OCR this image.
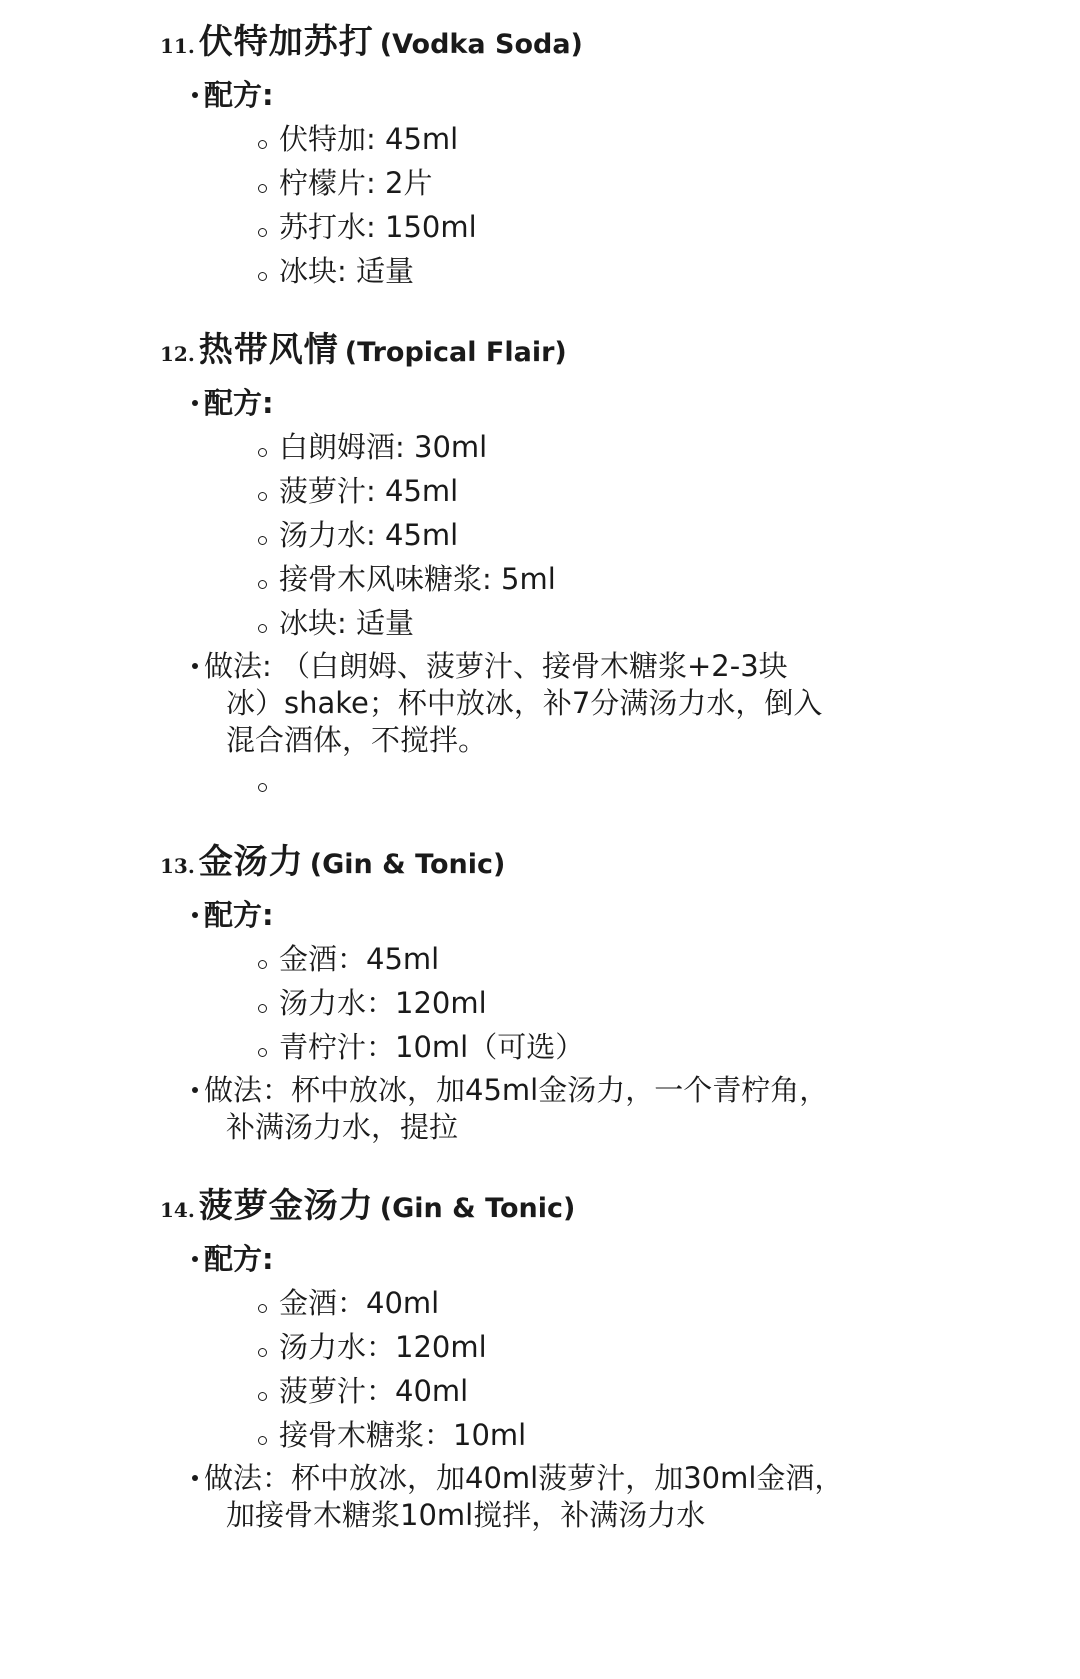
11. 伏特加苏打 (Vodka Soda)
配方:
伏特加: 45ml
柠檬片: 2片
苏打水: 150ml
冰块: 适量
12. 热带风情 (Tropical Flair)
配方:
白朗姆酒: 30ml
菠萝汁: 45ml
汤力水: 45ml
接骨木风味糖浆: 5ml
冰块: 适量
做法: （白朗姆、菠萝汁、接骨木糖浆+2-3块
冰）shake；杯中放冰，补7分满汤力水，倒入
混合酒体，不搅拌。
13. 金汤力 (Gin & Tonic)
配方:
金酒：45ml
汤力水：120ml
青柠汁：10ml（可选）
做法：杯中放冰，加45ml金汤力，一个青柠角，
补满汤力水，提拉
14. 菠萝金汤力 (Gin & Tonic)
配方:
金酒：40ml
汤力水：120ml
菠萝汁：40ml
接骨木糖浆：10ml
做法：杯中放冰，加40ml菠萝汁，加30ml金酒，
加接骨木糖浆10ml搅拌，补满汤力水
